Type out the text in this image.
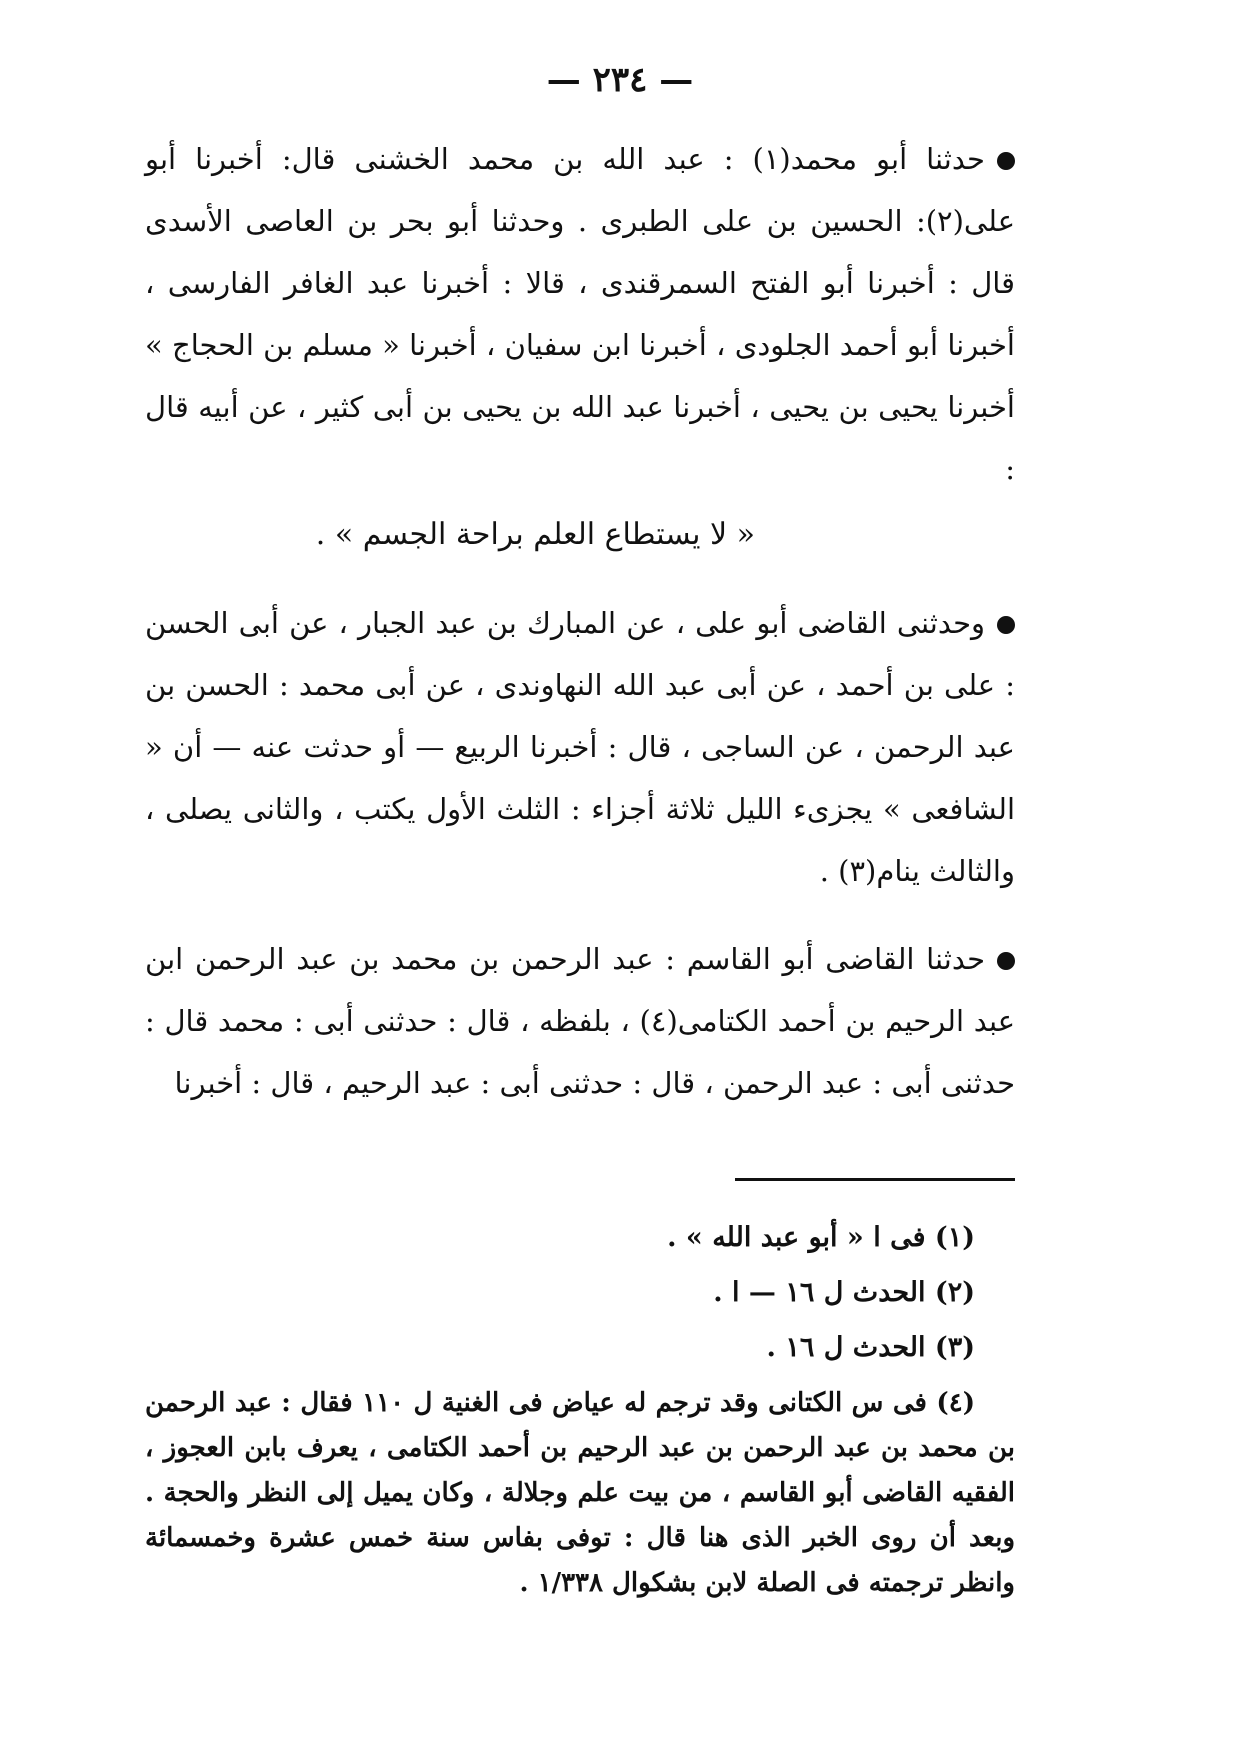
— ٢٣٤ —

حدثنا أبو محمد(١) : عبد الله بن محمد الخشنى قال: أخبرنا أبو على(٢): الحسين بن على الطبرى . وحدثنا أبو بحر بن العاصى الأسدى قال : أخبرنا أبو الفتح السمرقندى ، قالا : أخبرنا عبد الغافر الفارسى ، أخبرنا أبو أحمد الجلودى ، أخبرنا ابن سفيان ، أخبرنا « مسلم بن الحجاج » أخبرنا يحيى بن يحيى ، أخبرنا عبد الله بن يحيى بن أبى كثير ، عن أبيه قال :

« لا يستطاع العلم براحة الجسم » .

وحدثنى القاضى أبو على ، عن المبارك بن عبد الجبار ، عن أبى الحسن : على بن أحمد ، عن أبى عبد الله النهاوندى ، عن أبى محمد : الحسن بن عبد الرحمن ، عن الساجى ، قال : أخبرنا الربيع — أو حدثت عنه — أن « الشافعى » يجزىء الليل ثلاثة أجزاء : الثلث الأول يكتب ، والثانى يصلى ، والثالث ينام(٣) .

حدثنا القاضى أبو القاسم : عبد الرحمن بن محمد بن عبد الرحمن ابن عبد الرحيم بن أحمد الكتامى(٤) ، بلفظه ، قال : حدثنى أبى : محمد قال : حدثنى أبى : عبد الرحمن ، قال : حدثنى أبى : عبد الرحيم ، قال : أخبرنا

(١) فى ا « أبو عبد الله » .
(٢) الحدث ل ١٦ — ا .
(٣) الحدث ل ١٦ .
(٤) فى س الكتانى وقد ترجم له عياض فى الغنية ل ١١٠ فقال : عبد الرحمن بن محمد بن عبد الرحمن بن عبد الرحيم بن أحمد الكتامى ، يعرف بابن العجوز ، الفقيه القاضى أبو القاسم ، من بيت علم وجلالة ، وكان يميل إلى النظر والحجة . وبعد أن روى الخبر الذى هنا قال : توفى بفاس سنة خمس عشرة وخمسمائة وانظر ترجمته فى الصلة لابن بشكوال ١/٣٣٨ .
